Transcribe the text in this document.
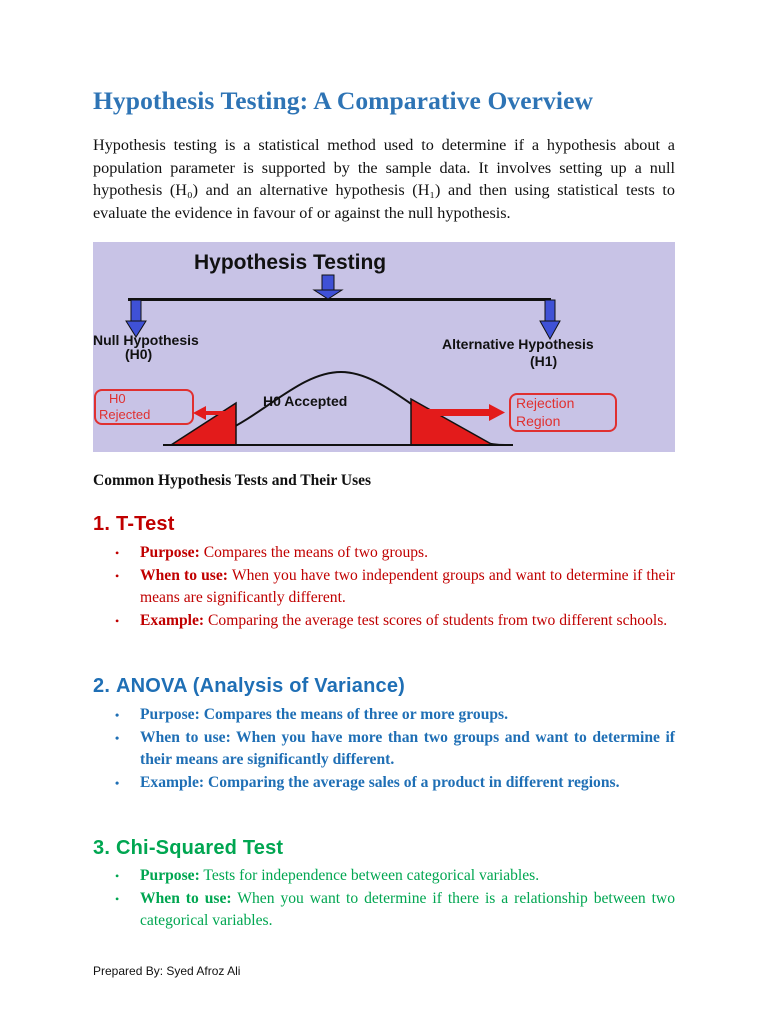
Hypothesis Testing: A Comparative Overview

Hypothesis testing is a statistical method used to determine if a hypothesis about a population parameter is supported by the sample data. It involves setting up a null hypothesis (H₀) and an alternative hypothesis (H₁) and then using statistical tests to evaluate the evidence in favour of or against the null hypothesis.

Hypothesis Testing
Null Hypothesis
(H0)
Alternative Hypothesis
(H1)
H0 Accepted
H0
Rejected
Rejection
Region
Common Hypothesis Tests and Their Uses
1. T-Test
• Purpose: Compares the means of two groups.
• When to use: When you have two independent groups and want to determine if their means are significantly different.
• Example: Comparing the average test scores of students from two different schools.
2. ANOVA (Analysis of Variance)
• Purpose: Compares the means of three or more groups.
• When to use: When you have more than two groups and want to determine if their means are significantly different.
• Example: Comparing the average sales of a product in different regions.
3. Chi-Squared Test
• Purpose: Tests for independence between categorical variables.
• When to use: When you want to determine if there is a relationship between two categorical variables.
Prepared By: Syed Afroz Ali
